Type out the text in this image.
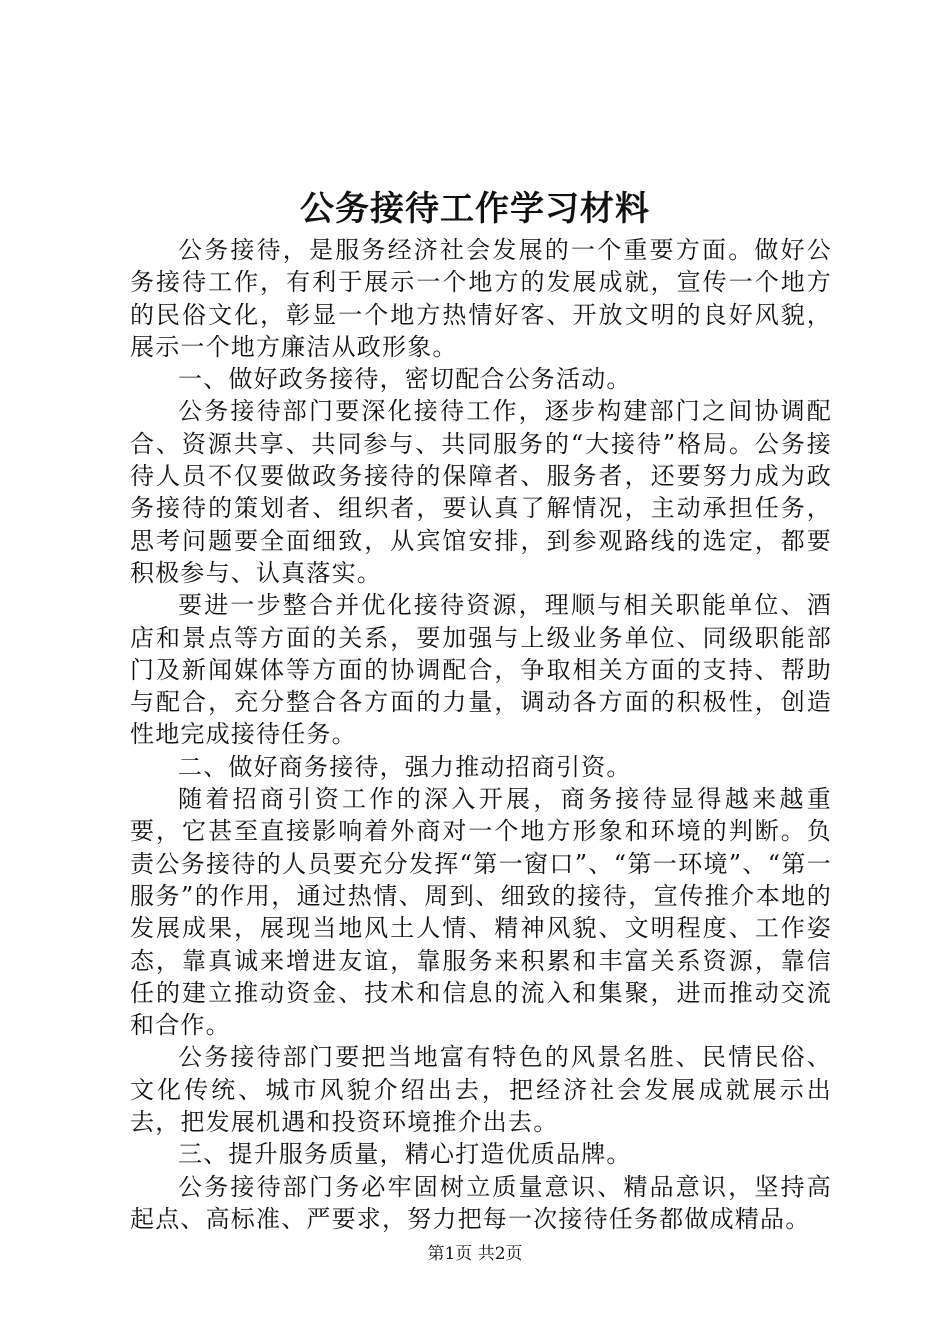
公务接待工作学习材料

公务接待，是服务经济社会发展的一个重要方面。做好公务接待工作，有利于展示一个地方的发展成就，宣传一个地方的民俗文化，彰显一个地方热情好客、开放文明的良好风貌，展示一个地方廉洁从政形象。

一、做好政务接待，密切配合公务活动。

公务接待部门要深化接待工作，逐步构建部门之间协调配合、资源共享、共同参与、共同服务的“大接待”格局。公务接待人员不仅要做政务接待的保障者、服务者，还要努力成为政务接待的策划者、组织者，要认真了解情况，主动承担任务，思考问题要全面细致，从宾馆安排，到参观路线的选定，都要积极参与、认真落实。

要进一步整合并优化接待资源，理顺与相关职能单位、酒店和景点等方面的关系，要加强与上级业务单位、同级职能部门及新闻媒体等方面的协调配合，争取相关方面的支持、帮助与配合，充分整合各方面的力量，调动各方面的积极性，创造性地完成接待任务。

二、做好商务接待，强力推动招商引资。

随着招商引资工作的深入开展，商务接待显得越来越重要，它甚至直接影响着外商对一个地方形象和环境的判断。负责公务接待的人员要充分发挥“第一窗口”、“第一环境”、“第一服务”的作用，通过热情、周到、细致的接待，宣传推介本地的发展成果，展现当地风土人情、精神风貌、文明程度、工作姿态，靠真诚来增进友谊，靠服务来积累和丰富关系资源，靠信任的建立推动资金、技术和信息的流入和集聚，进而推动交流和合作。

公务接待部门要把当地富有特色的风景名胜、民情民俗、文化传统、城市风貌介绍出去，把经济社会发展成就展示出去，把发展机遇和投资环境推介出去。

三、提升服务质量，精心打造优质品牌。

公务接待部门务必牢固树立质量意识、精品意识，坚持高起点、高标准、严要求，努力把每一次接待任务都做成精品。

第1页 共2页
